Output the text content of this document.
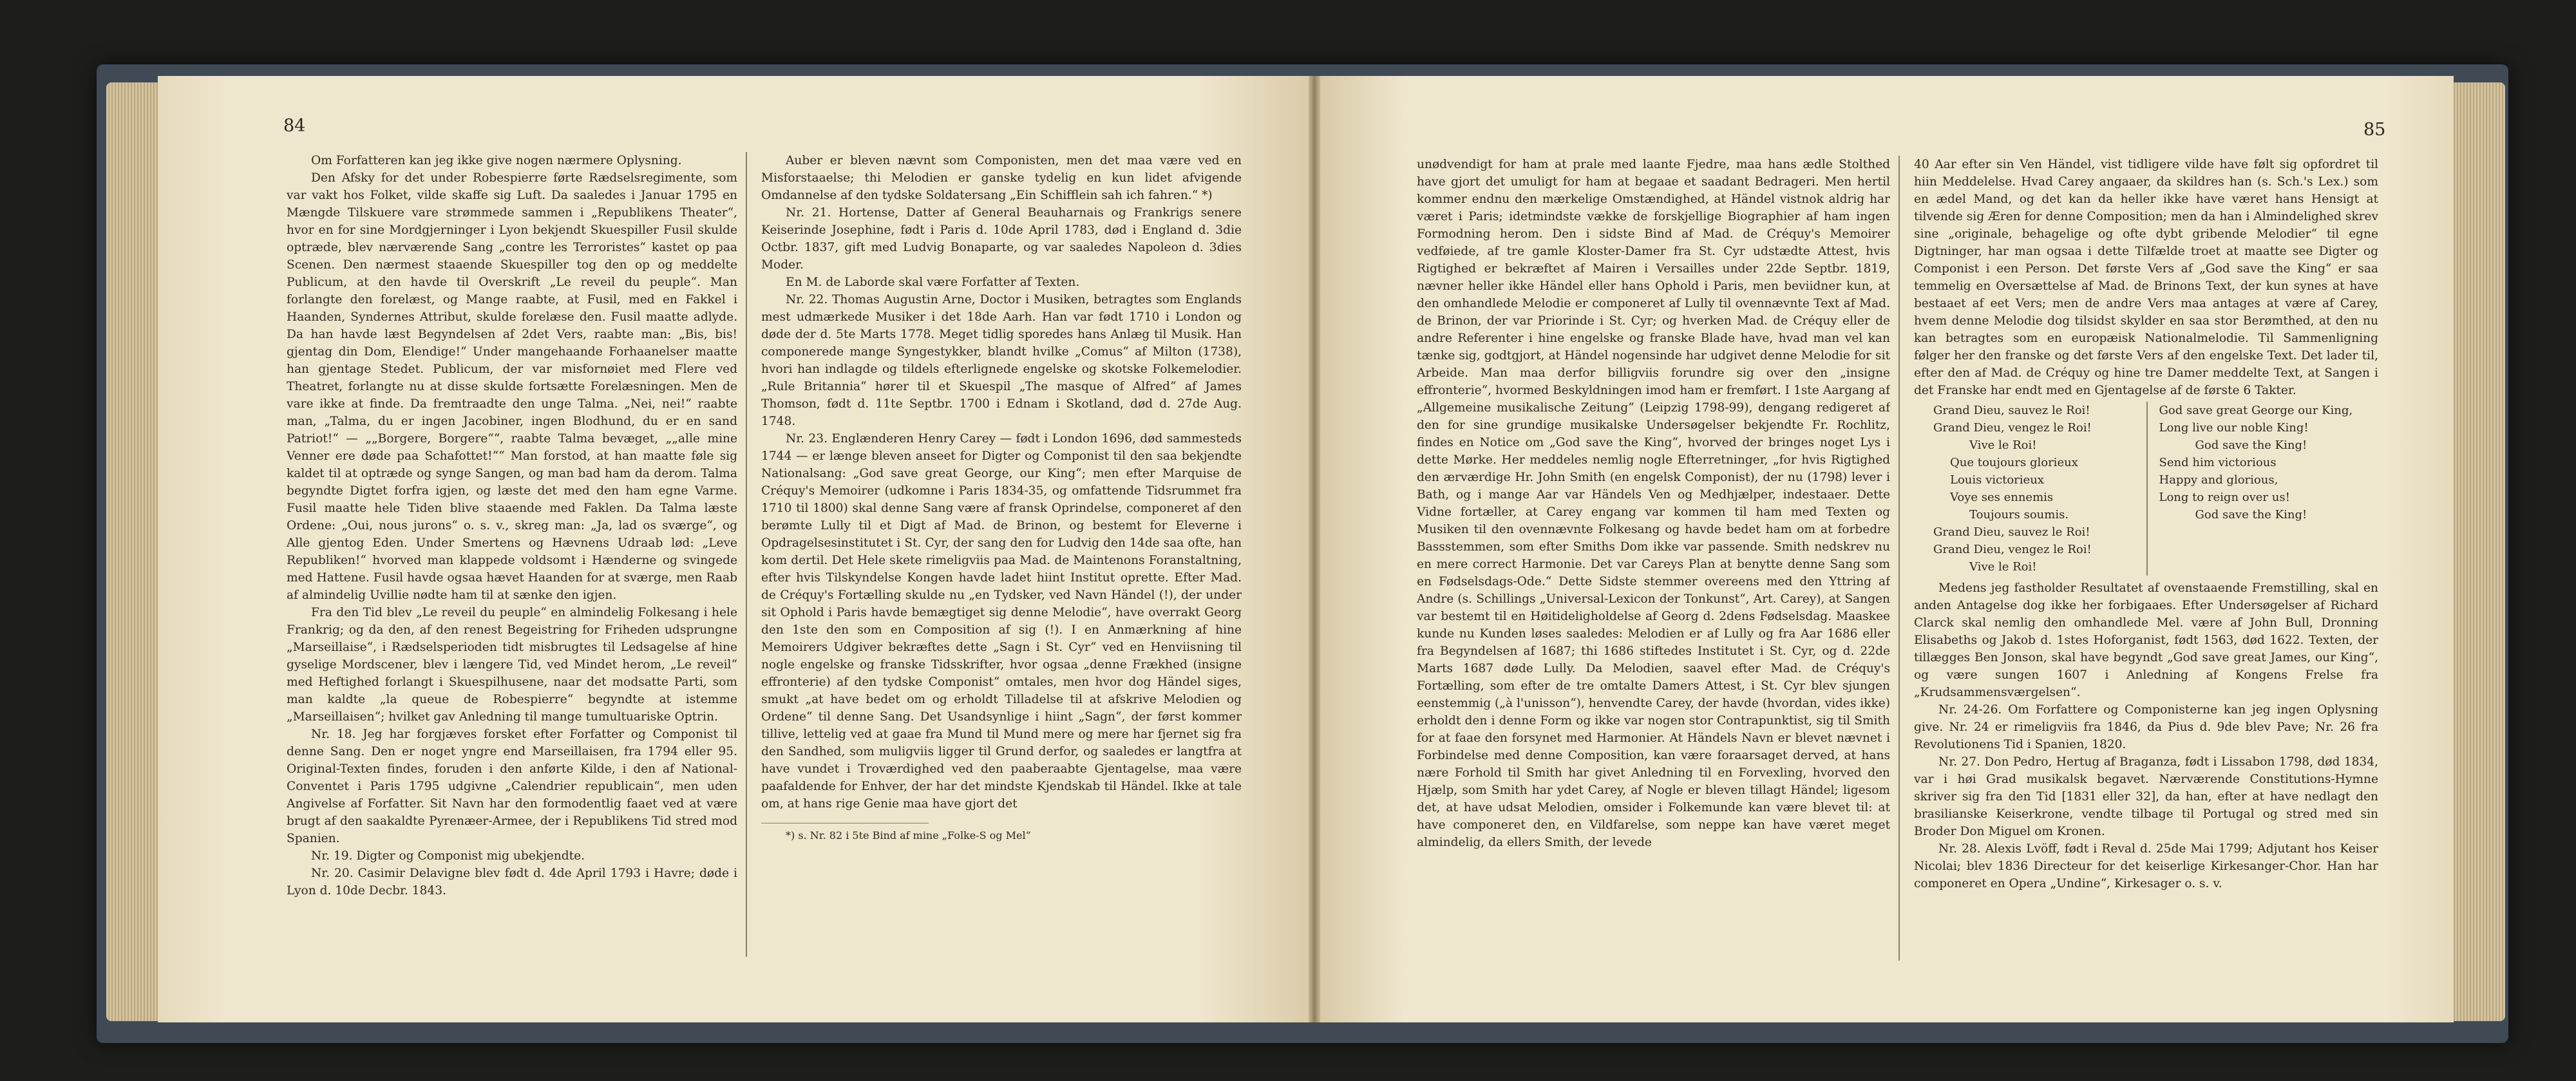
84	85

Om Forfatteren kan jeg ikke give nogen nærmere Oplysning.

Den Afsky for det under Robespierre førte Rædselsregimente, som var vakt hos Folket, vilde skaffe sig Luft. Da saaledes i Januar 1795 en Mængde Tilskuere vare strømmede sammen i „Republikens Theater“, hvor en for sine Mordgjerninger i Lyon bekjendt Skuespiller Fusil skulde optræde, blev nærværende Sang „contre les Terroristes“ kastet op paa Scenen. Den nærmest staaende Skuespiller tog den op og meddelte Publicum, at den havde til Overskrift „Le reveil du peuple“. Man forlangte den forelæst, og Mange raabte, at Fusil, med en Fakkel i Haanden, Syndernes Attribut, skulde forelæse den. Fusil maatte adlyde. Da han havde læst Begyndelsen af 2det Vers, raabte man: „Bis, bis! gjentag din Dom, Elendige!“ Under mangehaande Forhaanelser maatte han gjentage Stedet. Publicum, der var misfornøiet med Flere ved Theatret, forlangte nu at disse skulde fortsætte Forelæsningen. Men de vare ikke at finde. Da fremtraadte den unge Talma. „Nei, nei!“ raabte man, „Talma, du er ingen Jacobiner, ingen Blodhund, du er en sand Patriot!“ — „„Borgere, Borgere““, raabte Talma bevæget, „„alle mine Venner ere døde paa Schafottet!““ Man forstod, at han maatte føle sig kaldet til at optræde og synge Sangen, og man bad ham da derom. Talma begyndte Digtet forfra igjen, og læste det med den ham egne Varme. Fusil maatte hele Tiden blive staaende med Faklen. Da Talma læste Ordene: „Oui, nous jurons“ o. s. v., skreg man: „Ja, lad os sværge“, og Alle gjentog Eden. Under Smertens og Hævnens Udraab lød: „Leve Republiken!“ hvorved man klappede voldsomt i Hænderne og svingede med Hattene. Fusil havde ogsaa hævet Haanden for at sværge, men Raab af almindelig Uvillie nødte ham til at sænke den igjen.

Fra den Tid blev „Le reveil du peuple“ en almindelig Folkesang i hele Frankrig; og da den, af den renest Begeistring for Friheden udsprungne „Marseillaise“, i Rædselsperioden tidt misbrugtes til Ledsagelse af hine gyselige Mordscener, blev i længere Tid, ved Mindet herom, „Le reveil“ med Heftighed forlangt i Skuespilhusene, naar det modsatte Parti, som man kaldte „la queue de Robespierre“ begyndte at istemme „Marseillaisen“; hvilket gav Anledning til mange tumultuariske Optrin.

Nr. 18. Jeg har forgjæves forsket efter Forfatter og Componist til denne Sang. Den er noget yngre end Marseillaisen, fra 1794 eller 95. Original-Texten findes, foruden i den anførte Kilde, i den af National-Conventet i Paris 1795 udgivne „Calendrier republicain“, men uden Angivelse af Forfatter. Sit Navn har den formodentlig faaet ved at være brugt af den saakaldte Pyrenæer-Armee, der i Republikens Tid stred mod Spanien.

Nr. 19. Digter og Componist mig ubekjendte.

Nr. 20. Casimir Delavigne blev født d. 4de April 1793 i Havre; døde i Lyon d. 10de Decbr. 1843.

Auber er bleven nævnt som Componisten, men det maa være ved en Misforstaaelse; thi Melodien er ganske tydelig en kun lidet afvigende Omdannelse af den tydske Soldatersang „Ein Schifflein sah ich fahren.“ *)

Nr. 21. Hortense, Datter af General Beauharnais og Frankrigs senere Keiserinde Josephine, født i Paris d. 10de April 1783, død i England d. 3die Octbr. 1837, gift med Ludvig Bonaparte, og var saaledes Napoleon d. 3dies Moder.

En M. de Laborde skal være Forfatter af Texten.

Nr. 22. Thomas Augustin Arne, Doctor i Musiken, betragtes som Englands mest udmærkede Musiker i det 18de Aarh. Han var født 1710 i London og døde der d. 5te Marts 1778. Meget tidlig sporedes hans Anlæg til Musik. Han componerede mange Syngestykker, blandt hvilke „Comus“ af Milton (1738), hvori han indlagde og tildels efterlignede engelske og skotske Folkemelodier. „Rule Britannia“ hører til et Skuespil „The masque of Alfred“ af James Thomson, født d. 11te Septbr. 1700 i Ednam i Skotland, død d. 27de Aug. 1748.

Nr. 23. Englænderen Henry Carey — født i London 1696, død sammesteds 1744 — er længe bleven anseet for Digter og Componist til den saa bekjendte Nationalsang: „God save great George, our King“; men efter Marquise de Créquy's Memoirer (udkomne i Paris 1834-35, og omfattende Tidsrummet fra 1710 til 1800) skal denne Sang være af fransk Oprindelse, componeret af den berømte Lully til et Digt af Mad. de Brinon, og bestemt for Eleverne i Opdragelsesinstitutet i St. Cyr, der sang den for Ludvig den 14de saa ofte, han kom dertil. Det Hele skete rimeligviis paa Mad. de Maintenons Foranstaltning, efter hvis Tilskyndelse Kongen havde ladet hiint Institut oprette. Efter Mad. de Créquy's Fortælling skulde nu „en Tydsker, ved Navn Händel (!), der under sit Ophold i Paris havde bemægtiget sig denne Melodie“, have overrakt Georg den 1ste den som en Composition af sig (!). I en Anmærkning af hine Memoirers Udgiver bekræftes dette „Sagn i St. Cyr“ ved en Henviisning til nogle engelske og franske Tidsskrifter, hvor ogsaa „denne Frækhed (insigne effronterie) af den tydske Componist“ omtales, men hvor dog Händel siges, smukt „at have bedet om og erholdt Tilladelse til at afskrive Melodien og Ordene“ til denne Sang. Det Usandsynlige i hiint „Sagn“, der først kommer tillive, lettelig ved at gaae fra Mund til Mund mere og mere har fjernet sig fra den Sandhed, som muligviis ligger til Grund derfor, og saaledes er langtfra at have vundet i Troværdighed ved den paaberaabte Gjentagelse, maa være paafaldende for Enhver, der har det mindste Kjendskab til Händel. Ikke at tale om, at hans rige Genie maa have gjort det

*) s. Nr. 82 i 5te Bind af mine „Folke-S og Mel“

unødvendigt for ham at prale med laante Fjedre, maa hans ædle Stolthed have gjort det umuligt for ham at begaae et saadant Bedrageri. Men hertil kommer endnu den mærkelige Omstændighed, at Händel vistnok aldrig har været i Paris; idetmindste vække de forskjellige Biographier af ham ingen Formodning herom. Den i sidste Bind af Mad. de Créquy's Memoirer vedføiede, af tre gamle Kloster-Damer fra St. Cyr udstædte Attest, hvis Rigtighed er bekræftet af Mairen i Versailles under 22de Septbr. 1819, nævner heller ikke Händel eller hans Ophold i Paris, men beviidner kun, at den omhandlede Melodie er componeret af Lully til ovennævnte Text af Mad. de Brinon, der var Priorinde i St. Cyr; og hverken Mad. de Créquy eller de andre Referenter i hine engelske og franske Blade have, hvad man vel kan tænke sig, godtgjort, at Händel nogensinde har udgivet denne Melodie for sit Arbeide. Man maa derfor billigviis forundre sig over den „insigne effronterie“, hvormed Beskyldningen imod ham er fremført. I 1ste Aargang af „Allgemeine musikalische Zeitung“ (Leipzig 1798-99), dengang redigeret af den for sine grundige musikalske Undersøgelser bekjendte Fr. Rochlitz, findes en Notice om „God save the King“, hvorved der bringes noget Lys i dette Mørke. Her meddeles nemlig nogle Efterretninger, „for hvis Rigtighed den ærværdige Hr. John Smith (en engelsk Componist), der nu (1798) lever i Bath, og i mange Aar var Händels Ven og Medhjælper, indestaaer. Dette Vidne fortæller, at Carey engang var kommen til ham med Texten og Musiken til den ovennævnte Folkesang og havde bedet ham om at forbedre Bassstemmen, som efter Smiths Dom ikke var passende. Smith nedskrev nu en mere correct Harmonie. Det var Careys Plan at benytte denne Sang som en Fødselsdags-Ode.“ Dette Sidste stemmer overeens med den Yttring af Andre (s. Schillings „Universal-Lexicon der Tonkunst“, Art. Carey), at Sangen var bestemt til en Høitideligholdelse af Georg d. 2dens Fødselsdag. Maaskee kunde nu Kunden løses saaledes: Melodien er af Lully og fra Aar 1686 eller fra Begyndelsen af 1687; thi 1686 stiftedes Institutet i St. Cyr, og d. 22de Marts 1687 døde Lully. Da Melodien, saavel efter Mad. de Créquy's Fortælling, som efter de tre omtalte Damers Attest, i St. Cyr blev sjungen eenstemmig („à l'unisson“), henvendte Carey, der havde (hvordan, vides ikke) erholdt den i denne Form og ikke var nogen stor Contrapunktist, sig til Smith for at faae den forsynet med Harmonier. At Händels Navn er blevet nævnet i Forbindelse med denne Composition, kan være foraarsaget derved, at hans nære Forhold til Smith har givet Anledning til en Forvexling, hvorved den Hjælp, som Smith har ydet Carey, af Nogle er bleven tillagt Händel; ligesom det, at have udsat Melodien, omsider i Folkemunde kan være blevet til: at have componeret den, en Vildfarelse, som neppe kan have været meget almindelig, da ellers Smith, der levede

40 Aar efter sin Ven Händel, vist tidligere vilde have følt sig opfordret til hiin Meddelelse. Hvad Carey angaaer, da skildres han (s. Sch.'s Lex.) som en ædel Mand, og det kan da heller ikke have været hans Hensigt at tilvende sig Æren for denne Composition; men da han i Almindelighed skrev sine „originale, behagelige og ofte dybt gribende Melodier“ til egne Digtninger, har man ogsaa i dette Tilfælde troet at maatte see Digter og Componist i een Person. Det første Vers af „God save the King“ er saa temmelig en Oversættelse af Mad. de Brinons Text, der kun synes at have bestaaet af eet Vers; men de andre Vers maa antages at være af Carey, hvem denne Melodie dog tilsidst skylder en saa stor Berømthed, at den nu kan betragtes som en europæisk Nationalmelodie. Til Sammenligning følger her den franske og det første Vers af den engelske Text. Det lader til, efter den af Mad. de Créquy og hine tre Damer meddelte Text, at Sangen i det Franske har endt med en Gjentagelse af de første 6 Takter.

Grand Dieu, sauvez le Roi!
Grand Dieu, vengez le Roi!
Vive le Roi!
Que toujours glorieux
Louis victorieux
Voye ses ennemis
Toujours soumis.
Grand Dieu, sauvez le Roi!
Grand Dieu, vengez le Roi!
Vive le Roi!
God save great George our King,
Long live our noble King!
God save the King!
Send him victorious
Happy and glorious,
Long to reign over us!
God save the King!

Medens jeg fastholder Resultatet af ovenstaaende Fremstilling, skal en anden Antagelse dog ikke her forbigaaes. Efter Undersøgelser af Richard Clarck skal nemlig den omhandlede Mel. være af John Bull, Dronning Elisabeths og Jakob d. 1stes Hoforganist, født 1563, død 1622. Texten, der tillægges Ben Jonson, skal have begyndt „God save great James, our King“, og være sungen 1607 i Anledning af Kongens Frelse fra „Krudsammensværgelsen“.

Nr. 24-26. Om Forfattere og Componisterne kan jeg ingen Oplysning give. Nr. 24 er rimeligviis fra 1846, da Pius d. 9de blev Pave; Nr. 26 fra Revolutionens Tid i Spanien, 1820.

Nr. 27. Don Pedro, Hertug af Braganza, født i Lissabon 1798, død 1834, var i høi Grad musikalsk begavet. Nærværende Constitutions-Hymne skriver sig fra den Tid [1831 eller 32], da han, efter at have nedlagt den brasilianske Keiserkrone, vendte tilbage til Portugal og stred med sin Broder Don Miguel om Kronen.

Nr. 28. Alexis Lvöff, født i Reval d. 25de Mai 1799; Adjutant hos Keiser Nicolai; blev 1836 Directeur for det keiserlige Kirkesanger-Chor. Han har componeret en Opera „Undine“, Kirkesager o. s. v.
